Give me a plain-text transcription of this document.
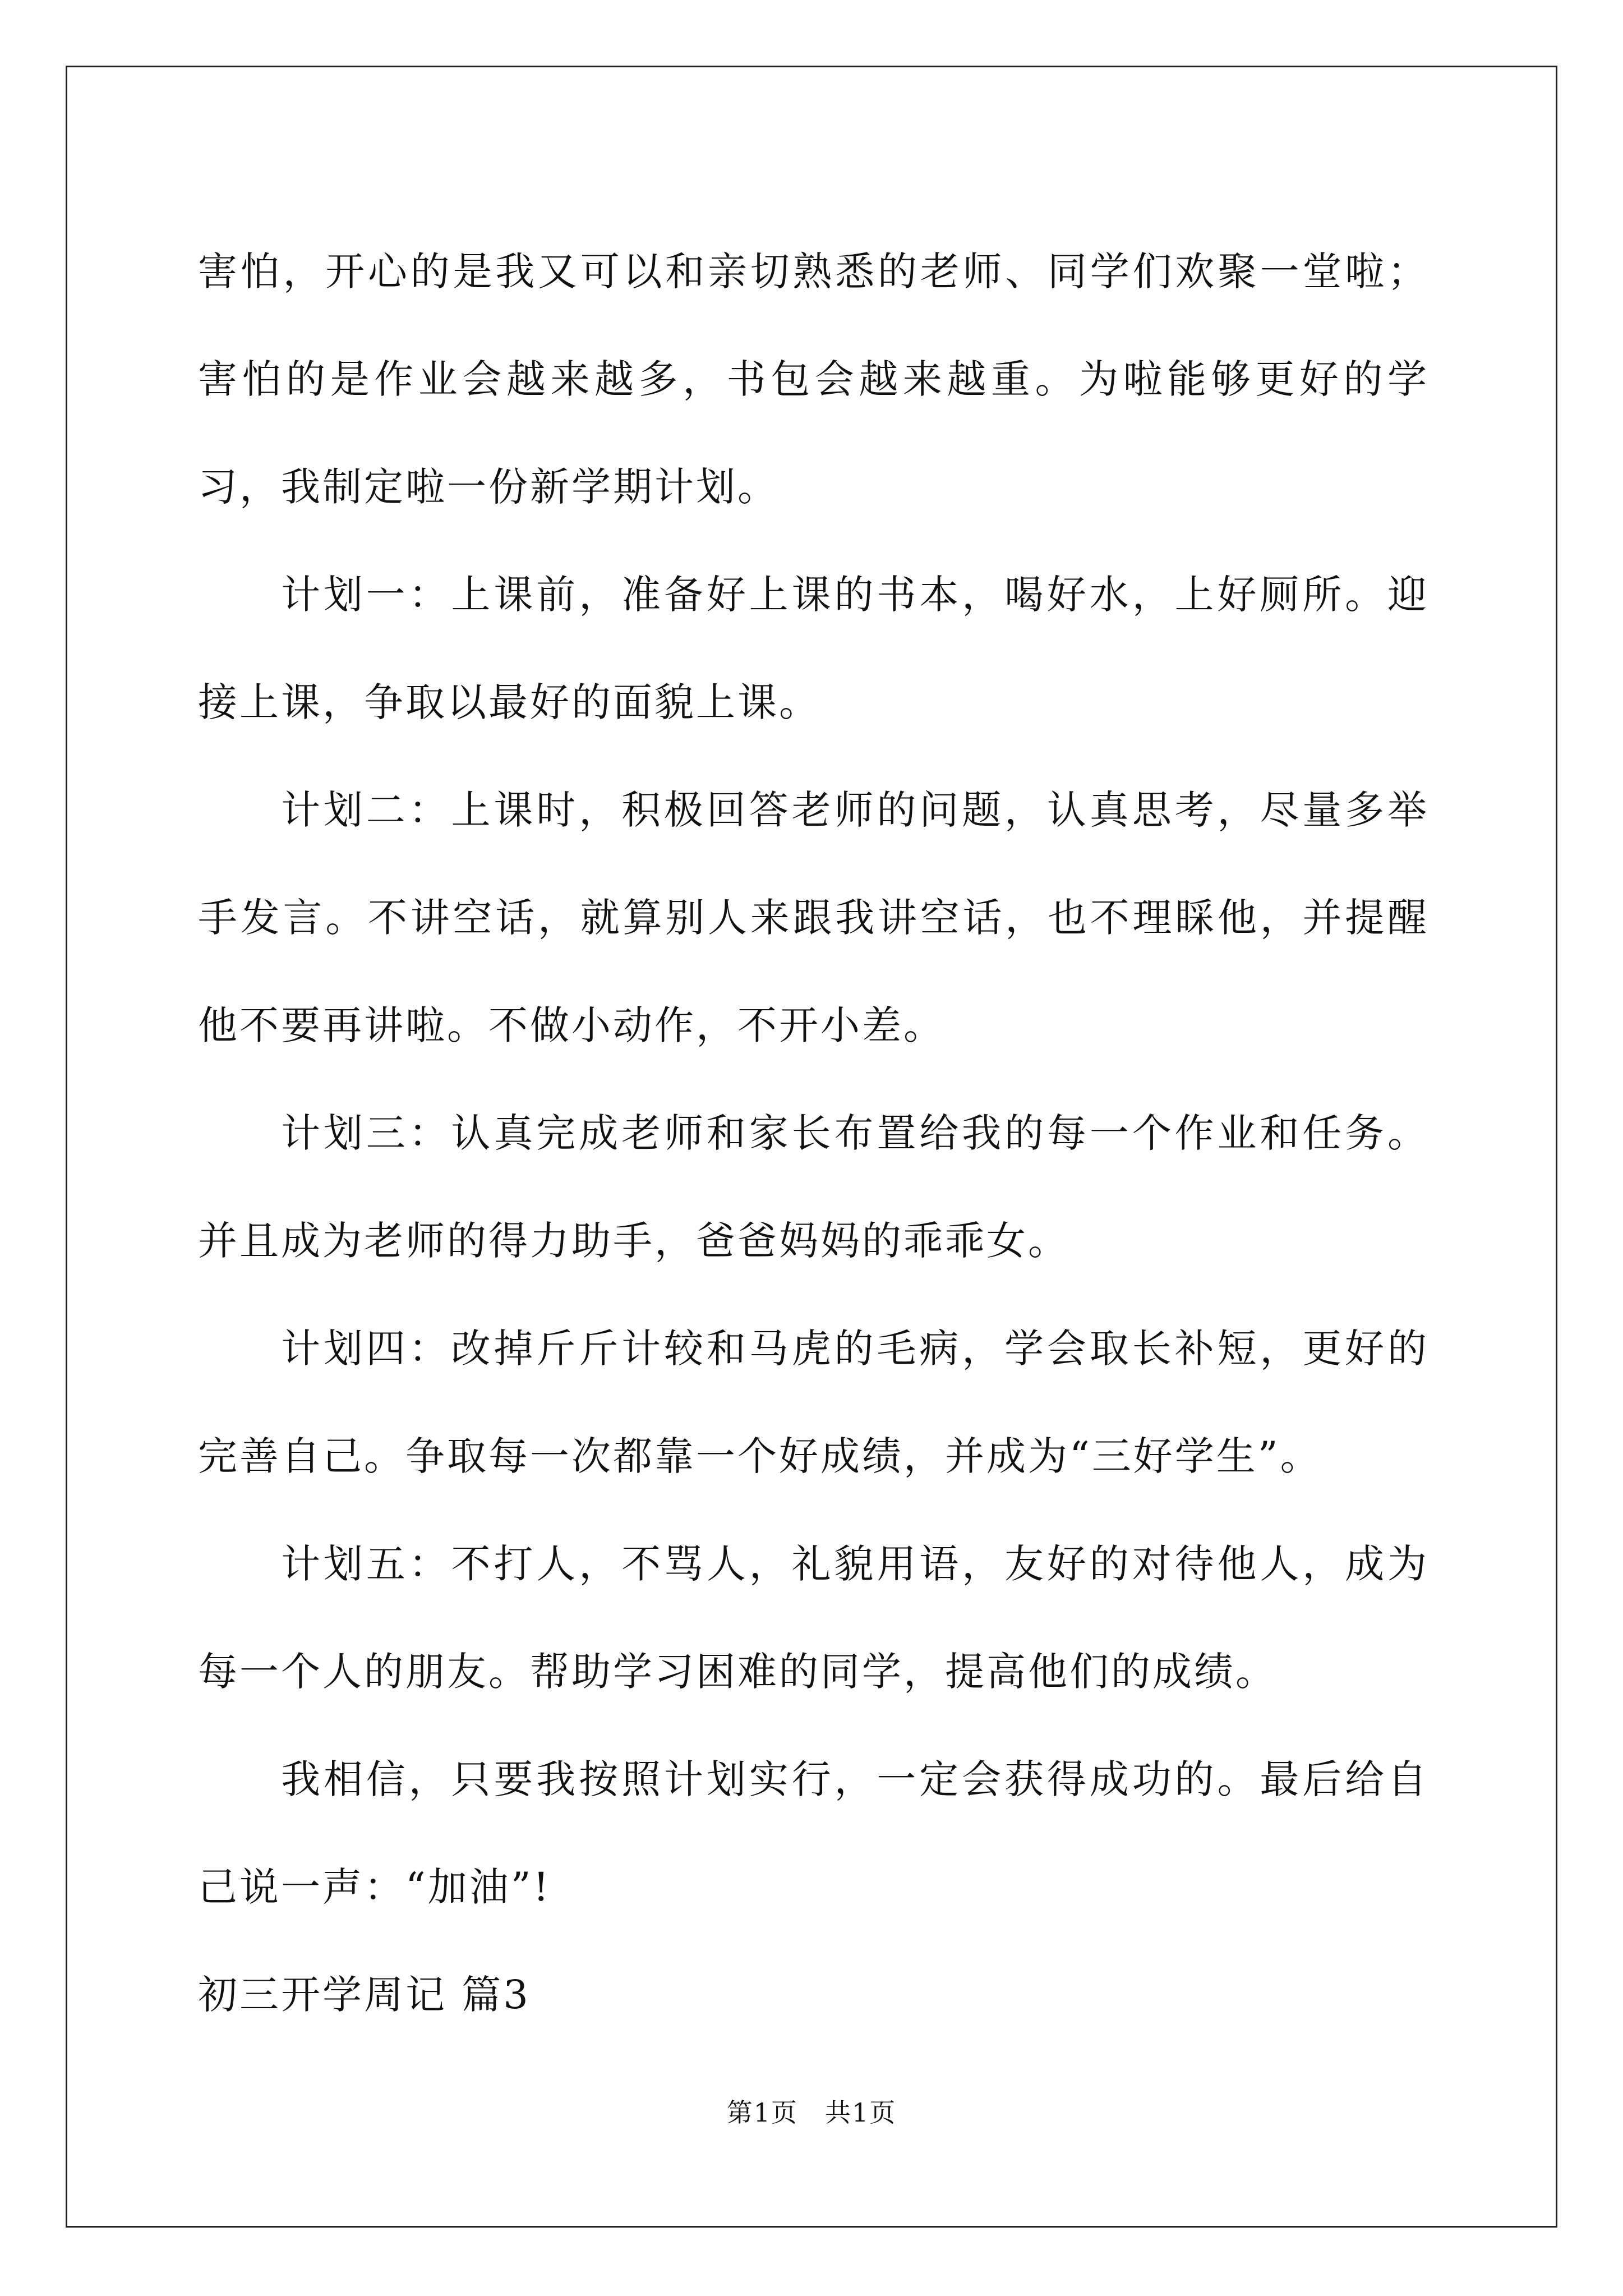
害怕，开心的是我又可以和亲切熟悉的老师、同学们欢聚一堂啦；害怕的是作业会越来越多，书包会越来越重。为啦能够更好的学习，我制定啦一份新学期计划。

计划一：上课前，准备好上课的书本，喝好水，上好厕所。迎接上课，争取以最好的面貌上课。

计划二：上课时，积极回答老师的问题，认真思考，尽量多举手发言。不讲空话，就算别人来跟我讲空话，也不理睬他，并提醒他不要再讲啦。不做小动作，不开小差。

计划三：认真完成老师和家长布置给我的每一个作业和任务。并且成为老师的得力助手，爸爸妈妈的乖乖女。

计划四：改掉斤斤计较和马虎的毛病，学会取长补短，更好的完善自己。争取每一次都靠一个好成绩，并成为“三好学生”。

计划五：不打人，不骂人，礼貌用语，友好的对待他人，成为每一个人的朋友。帮助学习困难的同学，提高他们的成绩。

我相信，只要我按照计划实行，一定会获得成功的。最后给自己说一声：“加油”!

初三开学周记 篇3

第1页 共1页
